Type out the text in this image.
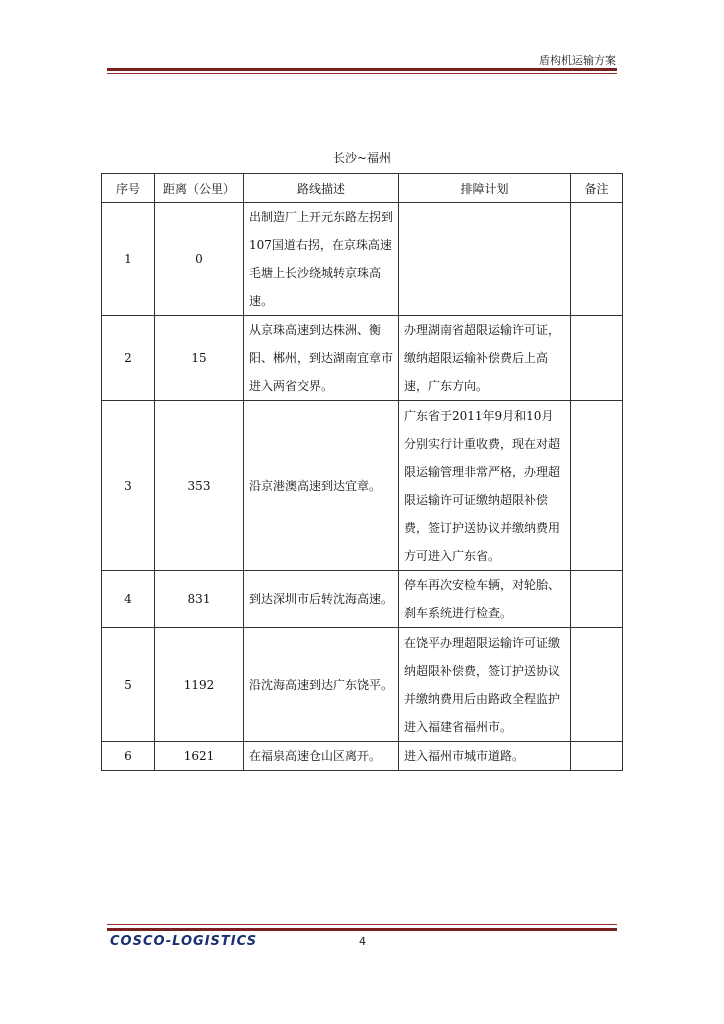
盾构机运输方案
长沙~福州
序号	距离（公里）	路线描述	排障计划	备注
1	0	出制造厂上开元东路左拐到107国道右拐，在京珠高速毛塘上长沙绕城转京珠高速。		
2	15	从京珠高速到达株洲、衡阳、郴州，到达湖南宜章市进入两省交界。	办理湖南省超限运输许可证，缴纳超限运输补偿费后上高速，广东方向。	
3	353	沿京港澳高速到达宜章。	广东省于2011年9月和10月分别实行计重收费，现在对超限运输管理非常严格，办理超限运输许可证缴纳超限补偿费，签订护送协议并缴纳费用方可进入广东省。	
4	831	到达深圳市后转沈海高速。	停车再次安检车辆，对轮胎、刹车系统进行检查。	
5	1192	沿沈海高速到达广东饶平。	在饶平办理超限运输许可证缴纳超限补偿费，签订护送协议并缴纳费用后由路政全程监护进入福建省福州市。	
6	1621	在福泉高速仓山区离开。	进入福州市城市道路。	
COSCO-LOGISTICS	4
